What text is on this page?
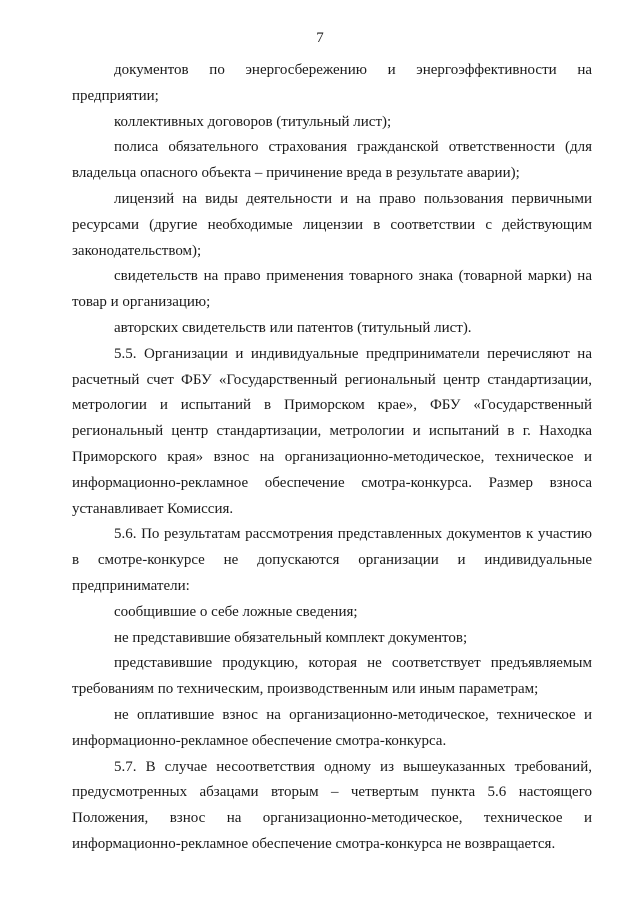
7

документов по энергосбережению и энергоэффективности на предприятии;

коллективных договоров (титульный лист);

полиса обязательного страхования гражданской ответственности (для владельца опасного объекта – причинение вреда в результате аварии);

лицензий на виды деятельности и на право пользования первичными ресурсами (другие необходимые лицензии в соответствии с действующим законодательством);

свидетельств на право применения товарного знака (товарной марки) на товар и организацию;

авторских свидетельств или патентов (титульный лист).

5.5. Организации и индивидуальные предприниматели перечисляют на расчетный счет ФБУ «Государственный региональный центр стандартизации, метрологии и испытаний в Приморском крае», ФБУ «Государственный региональный центр стандартизации, метрологии и испытаний в г. Находка Приморского края» взнос на организационно-методическое, техническое и информационно-рекламное обеспечение смотра-конкурса. Размер взноса устанавливает Комиссия.

5.6. По результатам рассмотрения представленных документов к участию в смотре-конкурсе не допускаются организации и индивидуальные предприниматели:

сообщившие о себе ложные сведения;

не представившие обязательный комплект документов;

представившие продукцию, которая не соответствует предъявляемым требованиям по техническим, производственным или иным параметрам;

не оплатившие взнос на организационно-методическое, техническое и информационно-рекламное обеспечение смотра-конкурса.

5.7. В случае несоответствия одному из вышеуказанных требований, предусмотренных абзацами вторым – четвертым пункта 5.6 настоящего Положения, взнос на организационно-методическое, техническое и информационно-рекламное обеспечение смотра-конкурса не возвращается.
